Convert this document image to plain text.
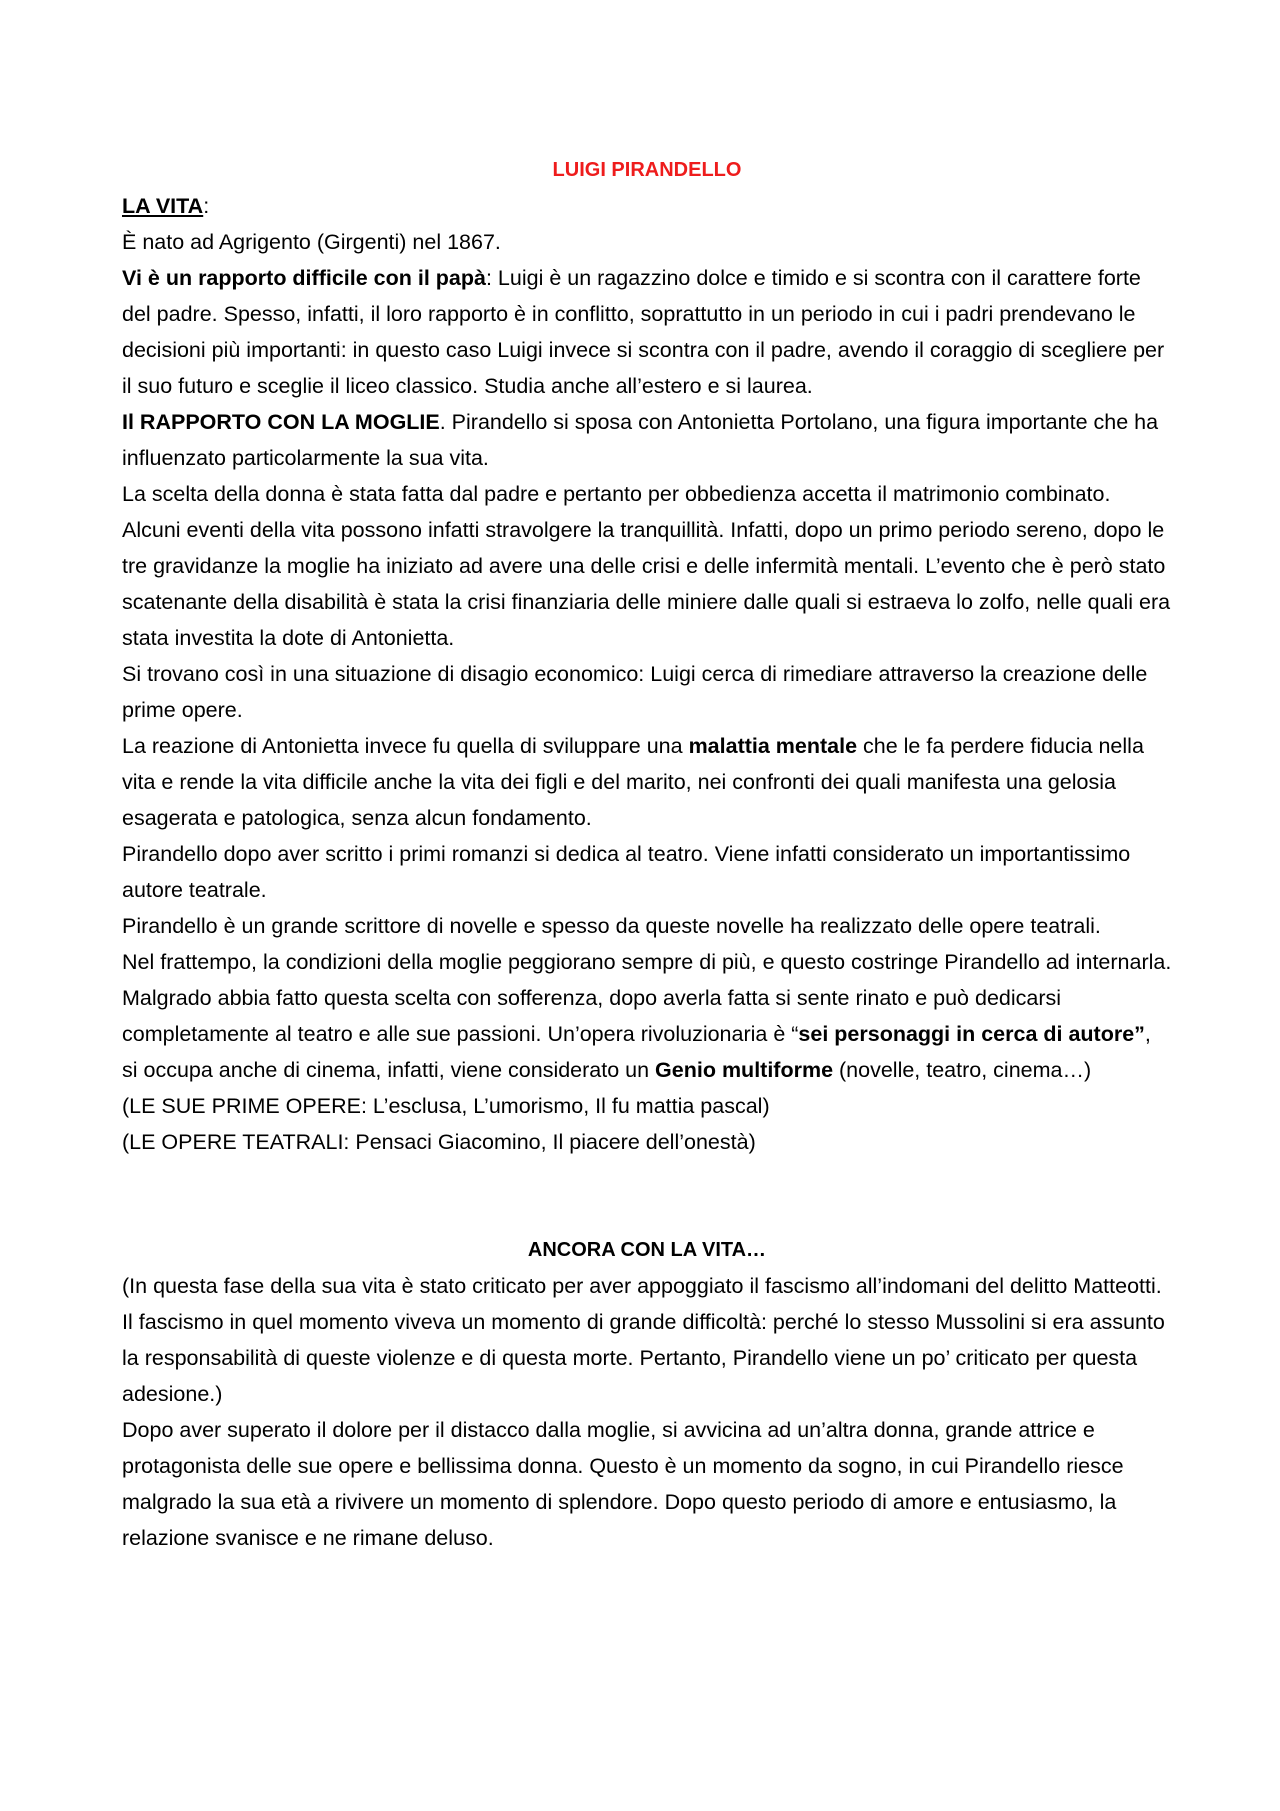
LUIGI PIRANDELLO

LA VITA:

È nato ad Agrigento (Girgenti) nel 1867.

Vi è un rapporto difficile con il papà: Luigi è un ragazzino dolce e timido e si scontra con il carattere forte del padre. Spesso, infatti, il loro rapporto è in conflitto, soprattutto in un periodo in cui i padri prendevano le decisioni più importanti: in questo caso Luigi invece si scontra con il padre, avendo il coraggio di scegliere per il suo futuro e sceglie il liceo classico. Studia anche all’estero e si laurea.

Il RAPPORTO CON LA MOGLIE. Pirandello si sposa con Antonietta Portolano, una figura importante che ha influenzato particolarmente la sua vita.

La scelta della donna è stata fatta dal padre e pertanto per obbedienza accetta il matrimonio combinato. Alcuni eventi della vita possono infatti stravolgere la tranquillità. Infatti, dopo un primo periodo sereno, dopo le tre gravidanze la moglie ha iniziato ad avere una delle crisi e delle infermità mentali. L’evento che è però stato scatenante della disabilità è stata la crisi finanziaria delle miniere dalle quali si estraeva lo zolfo, nelle quali era stata investita la dote di Antonietta.

Si trovano così in una situazione di disagio economico: Luigi cerca di rimediare attraverso la creazione delle prime opere.

La reazione di Antonietta invece fu quella di sviluppare una malattia mentale che le fa perdere fiducia nella vita e rende la vita difficile anche la vita dei figli e del marito, nei confronti dei quali manifesta una gelosia esagerata e patologica, senza alcun fondamento.

Pirandello dopo aver scritto i primi romanzi si dedica al teatro. Viene infatti considerato un importantissimo autore teatrale.

Pirandello è un grande scrittore di novelle e spesso da queste novelle ha realizzato delle opere teatrali.

Nel frattempo, la condizioni della moglie peggiorano sempre di più, e questo costringe Pirandello ad internarla. Malgrado abbia fatto questa scelta con sofferenza, dopo averla fatta si sente rinato e può dedicarsi completamente al teatro e alle sue passioni. Un’opera rivoluzionaria è “sei personaggi in cerca di autore”, si occupa anche di cinema, infatti, viene considerato un Genio multiforme (novelle, teatro, cinema…)

(LE SUE PRIME OPERE: L’esclusa, L’umorismo, Il fu mattia pascal)

(LE OPERE TEATRALI: Pensaci Giacomino, Il piacere dell’onestà)

ANCORA CON LA VITA…

(In questa fase della sua vita è stato criticato per aver appoggiato il fascismo all’indomani del delitto Matteotti. Il fascismo in quel momento viveva un momento di grande difficoltà: perché lo stesso Mussolini si era assunto la responsabilità di queste violenze e di questa morte. Pertanto, Pirandello viene un po’ criticato per questa adesione.)

Dopo aver superato il dolore per il distacco dalla moglie, si avvicina ad un’altra donna, grande attrice e protagonista delle sue opere e bellissima donna. Questo è un momento da sogno, in cui Pirandello riesce malgrado la sua età a rivivere un momento di splendore. Dopo questo periodo di amore e entusiasmo, la relazione svanisce e ne rimane deluso.
